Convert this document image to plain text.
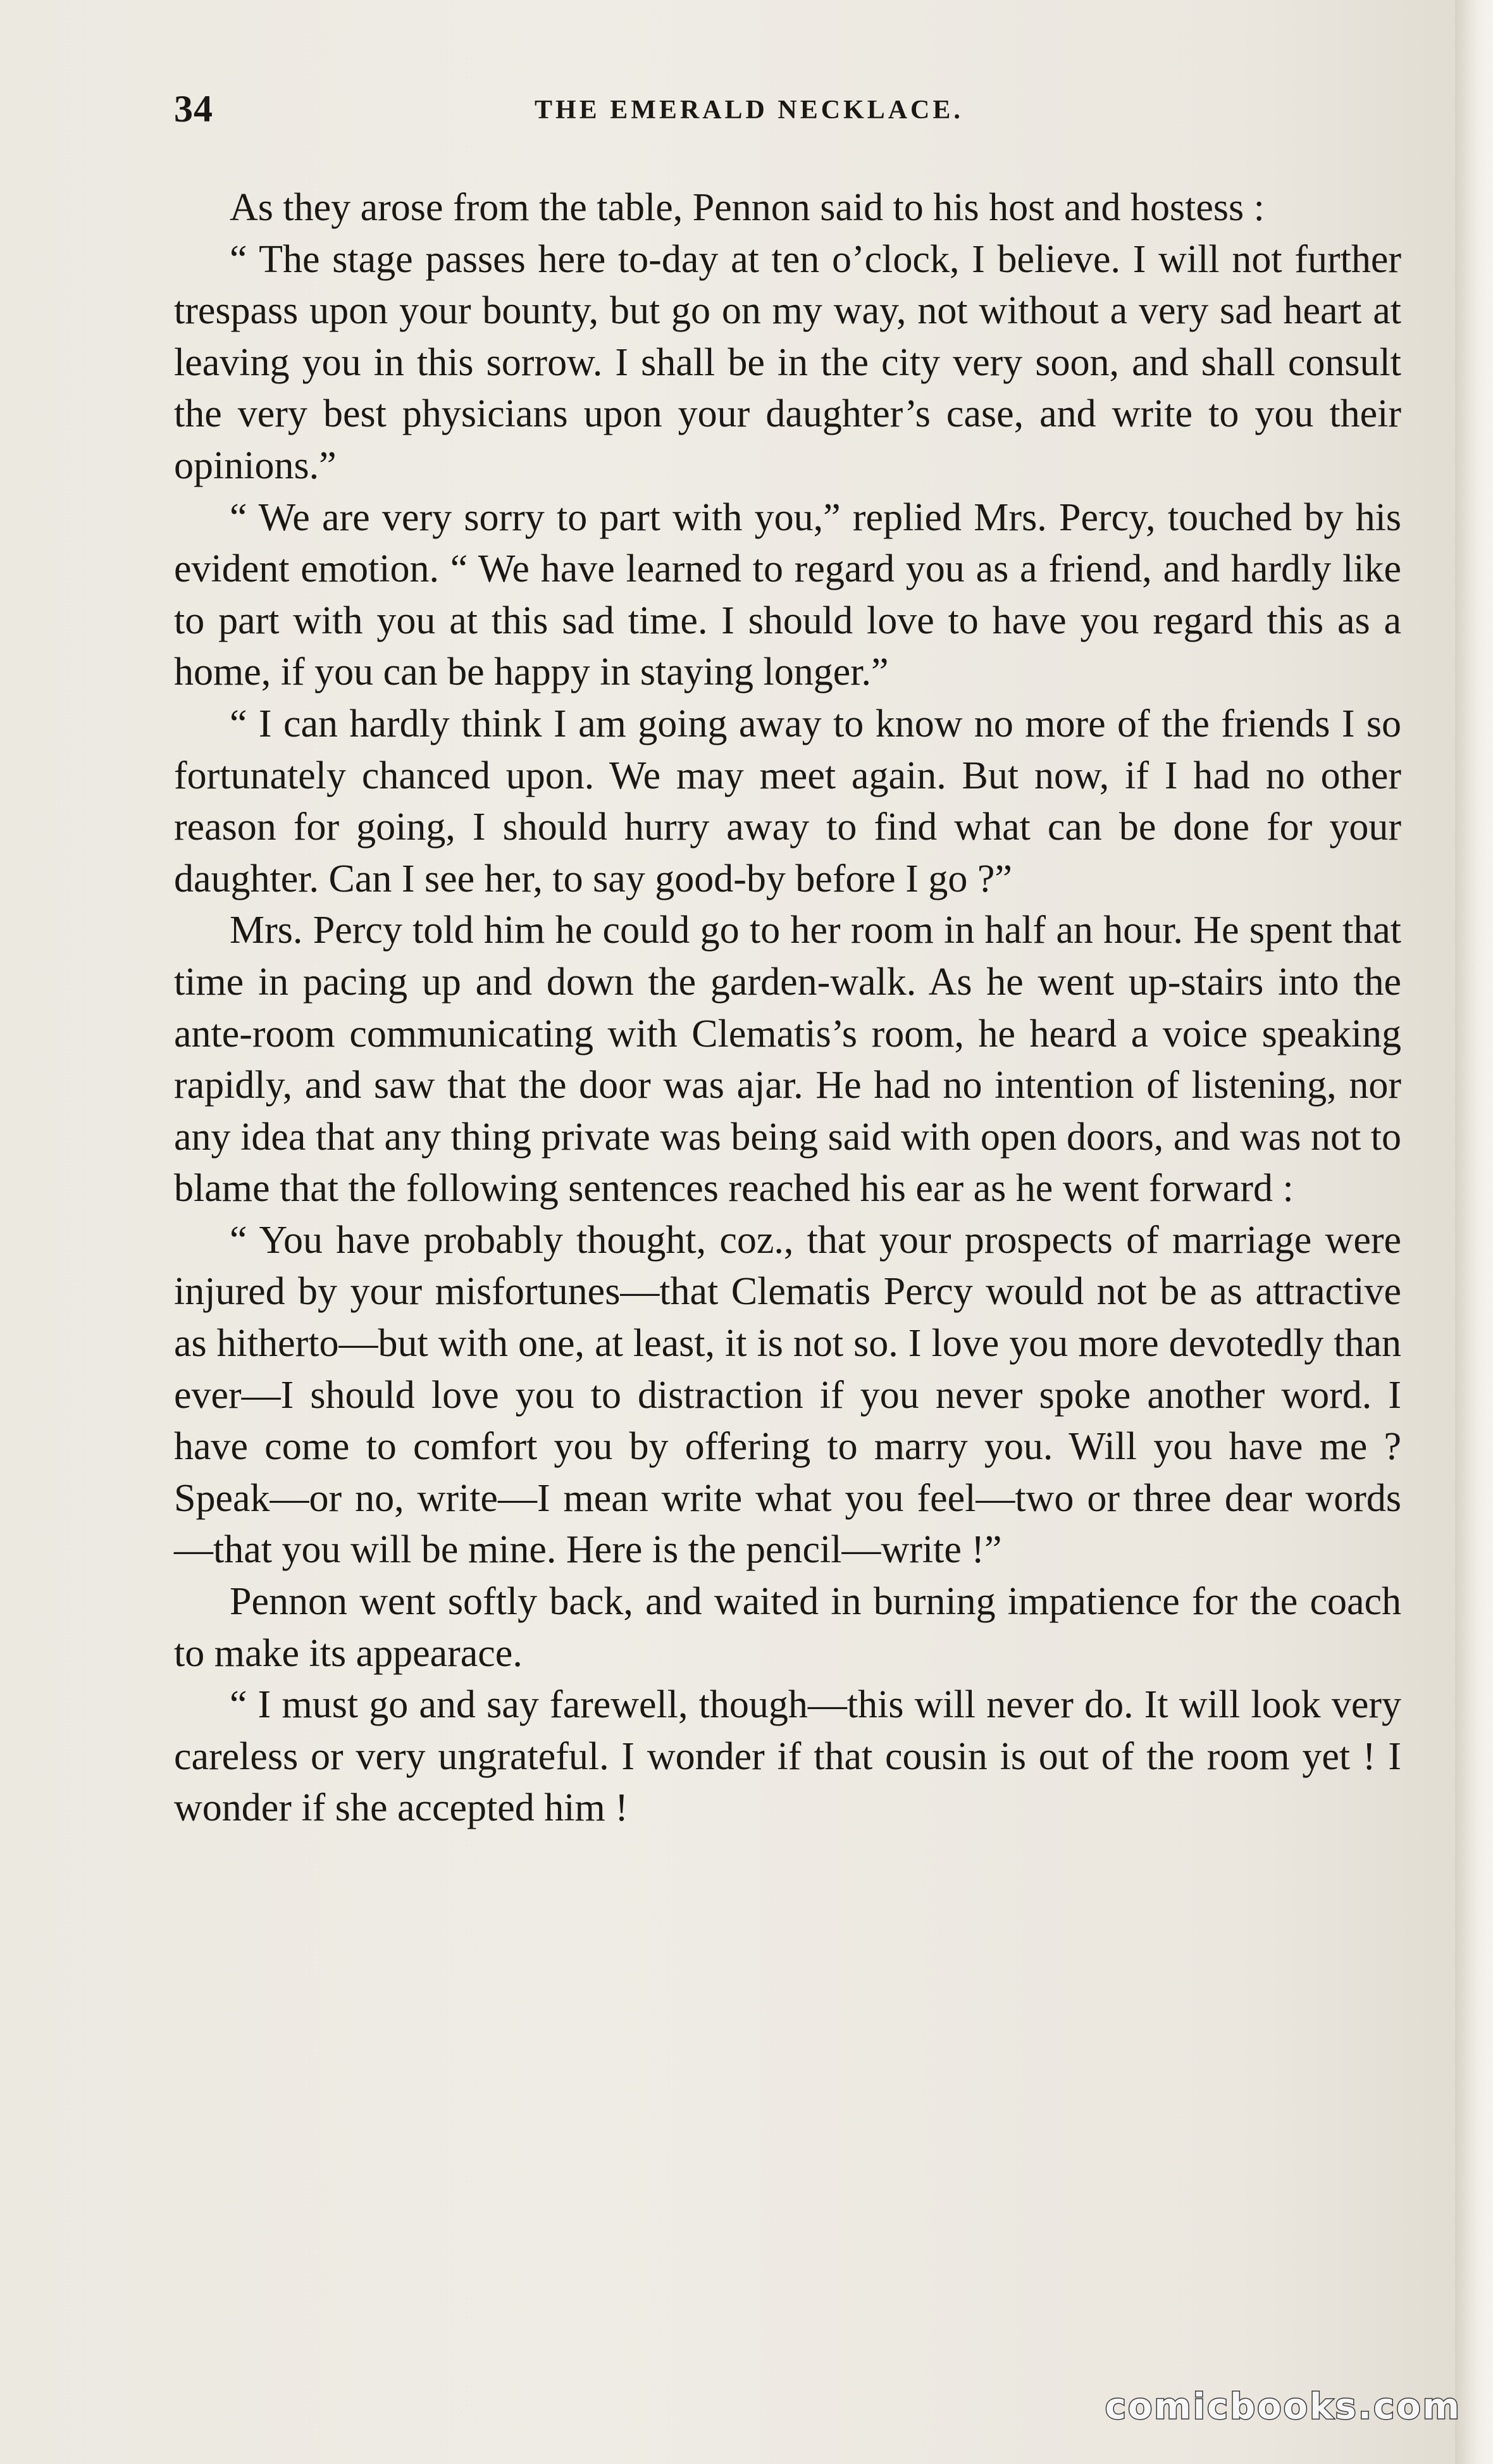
34	THE EMERALD NECKLACE.

As they arose from the table, Pennon said to his host and hostess :

“ The stage passes here to-day at ten o’clock, I believe. I will not further trespass upon your bounty, but go on my way, not without a very sad heart at leaving you in this sorrow. I shall be in the city very soon, and shall consult the very best physicians upon your daughter’s case, and write to you their opinions.”

“ We are very sorry to part with you,” replied Mrs. Percy, touched by his evident emotion. “ We have learned to regard you as a friend, and hardly like to part with you at this sad time. I should love to have you regard this as a home, if you can be happy in staying longer.”

“ I can hardly think I am going away to know no more of the friends I so fortunately chanced upon. We may meet again. But now, if I had no other reason for going, I should hurry away to find what can be done for your daughter. Can I see her, to say good-by before I go ?”

Mrs. Percy told him he could go to her room in half an hour. He spent that time in pacing up and down the garden-walk. As he went up-stairs into the ante-room communicating with Clematis’s room, he heard a voice speaking rapidly, and saw that the door was ajar. He had no intention of listening, nor any idea that any thing private was being said with open doors, and was not to blame that the following sentences reached his ear as he went forward :

“ You have probably thought, coz., that your prospects of marriage were injured by your misfortunes—that Clematis Percy would not be as attractive as hitherto—but with one, at least, it is not so. I love you more devotedly than ever—I should love you to distraction if you never spoke another word. I have come to comfort you by offering to marry you. Will you have me ? Speak—or no, write—I mean write what you feel—two or three dear words—that you will be mine. Here is the pencil—write !”

Pennon went softly back, and waited in burning impatience for the coach to make its appearace.

“ I must go and say farewell, though—this will never do. It will look very careless or very ungrateful. I wonder if that cousin is out of the room yet ! I wonder if she accepted him !

comicbooks.com
